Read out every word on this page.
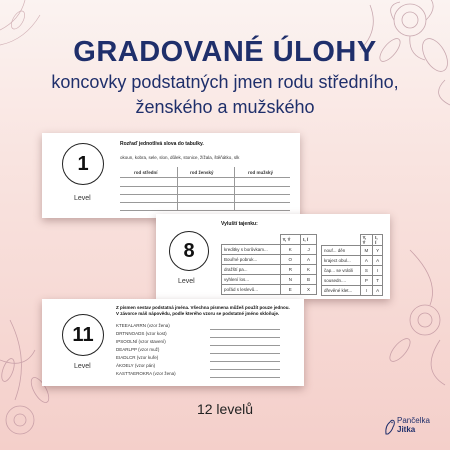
GRADOVANÉ ÚLOHY
koncovky podstatných jmen rodu středního,
ženského a mužského
1
Level
Rozřaď jednotlivá slova do tabulky.
okoun, kobra, sele, slon, důlek, stonice, žížala, štěňátko, slk
rod střední	rod ženský	rod mužský
8
Level
Vyluští tajenku:
	Y, Ý	I, Í
kreditky s borůvkam...	K	J
Bouřné pobruk...	O	A
dražští pa...	R	K
vyhlení los...	N	B
pořád s leslevů...	E	X
	Y, Ý	I, Í
nouf... děn	M	Y
kraject obul...	A	A
čap... se vrátili	S	I
sousedn....	P	T
dřevěné klet...	I	A
11
Level
Z písmen sestav podstatná jména. Všechna písmena můžeš použít pouze jednou.
V závorce máš nápovědu, podle kterého vzoru se podstatné jméno skloňuje.
KTEEALARRN (vzor žena)
DRTNNOADS (vzor kost)
IPSOOLNÍ (vzor stavení)
DEARLPP (vzor muž)
EIADLCR (vzor kuře)
ÁKOELY (vzor pán)
KASTTAEROKRA (vzor žena)
12 levelů
Pančelka
Jitka
